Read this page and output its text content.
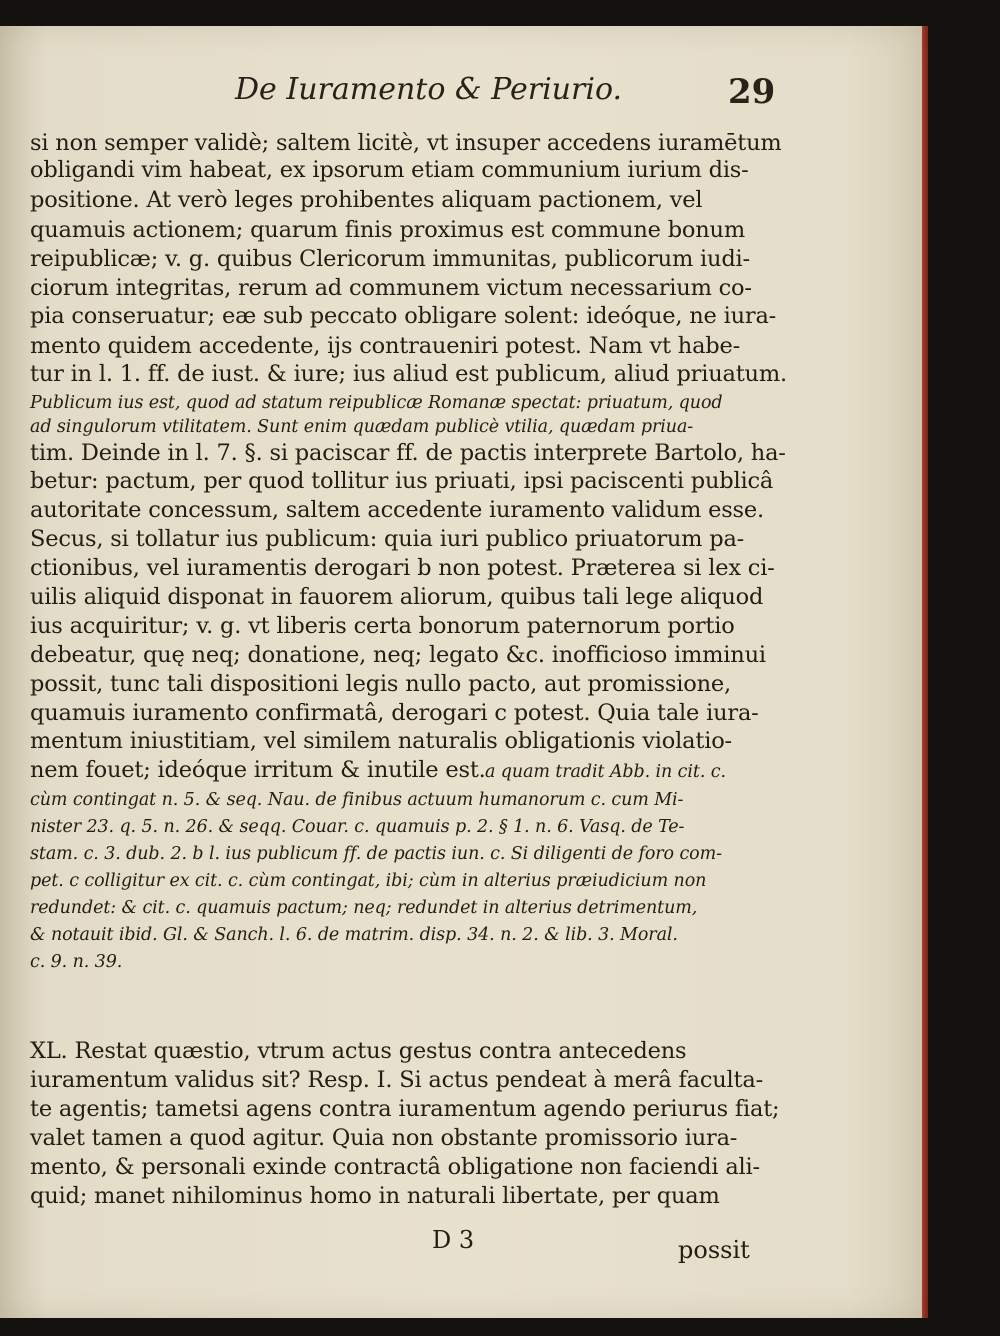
De Iuramento & Periurio.	29
si non semper validè; saltem licitè, vt insuper accedens iuramētum
obligandi vim habeat, ex ipsorum etiam communium iurium dis-
positione. At verò leges prohibentes aliquam pactionem, vel
quamuis actionem; quarum finis proximus est commune bonum
reipublicæ; v. g. quibus Clericorum immunitas, publicorum iudi-
ciorum integritas, rerum ad communem victum necessarium co-
pia conseruatur; eæ sub peccato obligare solent: ideóque, ne iura-
mento quidem accedente, ijs contraueniri potest. Nam vt habe-
tur in l. 1. ff. de iust. & iure; ius aliud est publicum, aliud priuatum.
Publicum ius est, quod ad statum reipublicæ Romanæ spectat: priuatum, quod
ad singulorum vtilitatem. Sunt enim quædam publicè vtilia, quædam priua-
tim. Deinde in l. 7. §. si paciscar ff. de pactis interprete Bartolo, ha-
betur: pactum, per quod tollitur ius priuati, ipsi paciscenti publicâ
autoritate concessum, saltem accedente iuramento validum esse.
Secus, si tollatur ius publicum: quia iuri publico priuatorum pa-
ctionibus, vel iuramentis derogari b non potest. Præterea si lex ci-
uilis aliquid disponat in fauorem aliorum, quibus tali lege aliquod
ius acquiritur; v. g. vt liberis certa bonorum paternorum portio
debeatur, quę neq; donatione, neq; legato &c. inofficioso imminui
possit, tunc tali dispositioni legis nullo pacto, aut promissione,
quamuis iuramento confirmatâ, derogari c potest. Quia tale iura-
mentum iniustitiam, vel similem naturalis obligationis violatio-
nem fouet; ideóque irritum & inutile est. a quam tradit Abb. in cit. c.
cùm contingat n. 5. & seq. Nau. de finibus actuum humanorum c. cum Mi-
nister 23. q. 5. n. 26. & seqq. Couar. c. quamuis p. 2. § 1. n. 6. Vasq. de Te-
stam. c. 3. dub. 2. b l. ius publicum ff. de pactis iun. c. Si diligenti de foro com-
pet. c colligitur ex cit. c. cùm contingat, ibi; cùm in alterius præiudicium non
redundet: & cit. c. quamuis pactum; neq; redundet in alterius detrimentum,
& notauit ibid. Gl. & Sanch. l. 6. de matrim. disp. 34. n. 2. & lib. 3. Moral.
c. 9. n. 39.
XL. Restat quæstio, vtrum actus gestus contra antecedens
iuramentum validus sit? Resp. I. Si actus pendeat à merâ facultа-
te agentis; tametsi agens contra iuramentum agendo periurus fiat;
valet tamen a quod agitur. Quia non obstante promissorio iura-
mento, & personali exinde contractâ obligatione non faciendi ali-
quid; manet nihilominus homo in naturali libertate, per quam
D 3	possit
